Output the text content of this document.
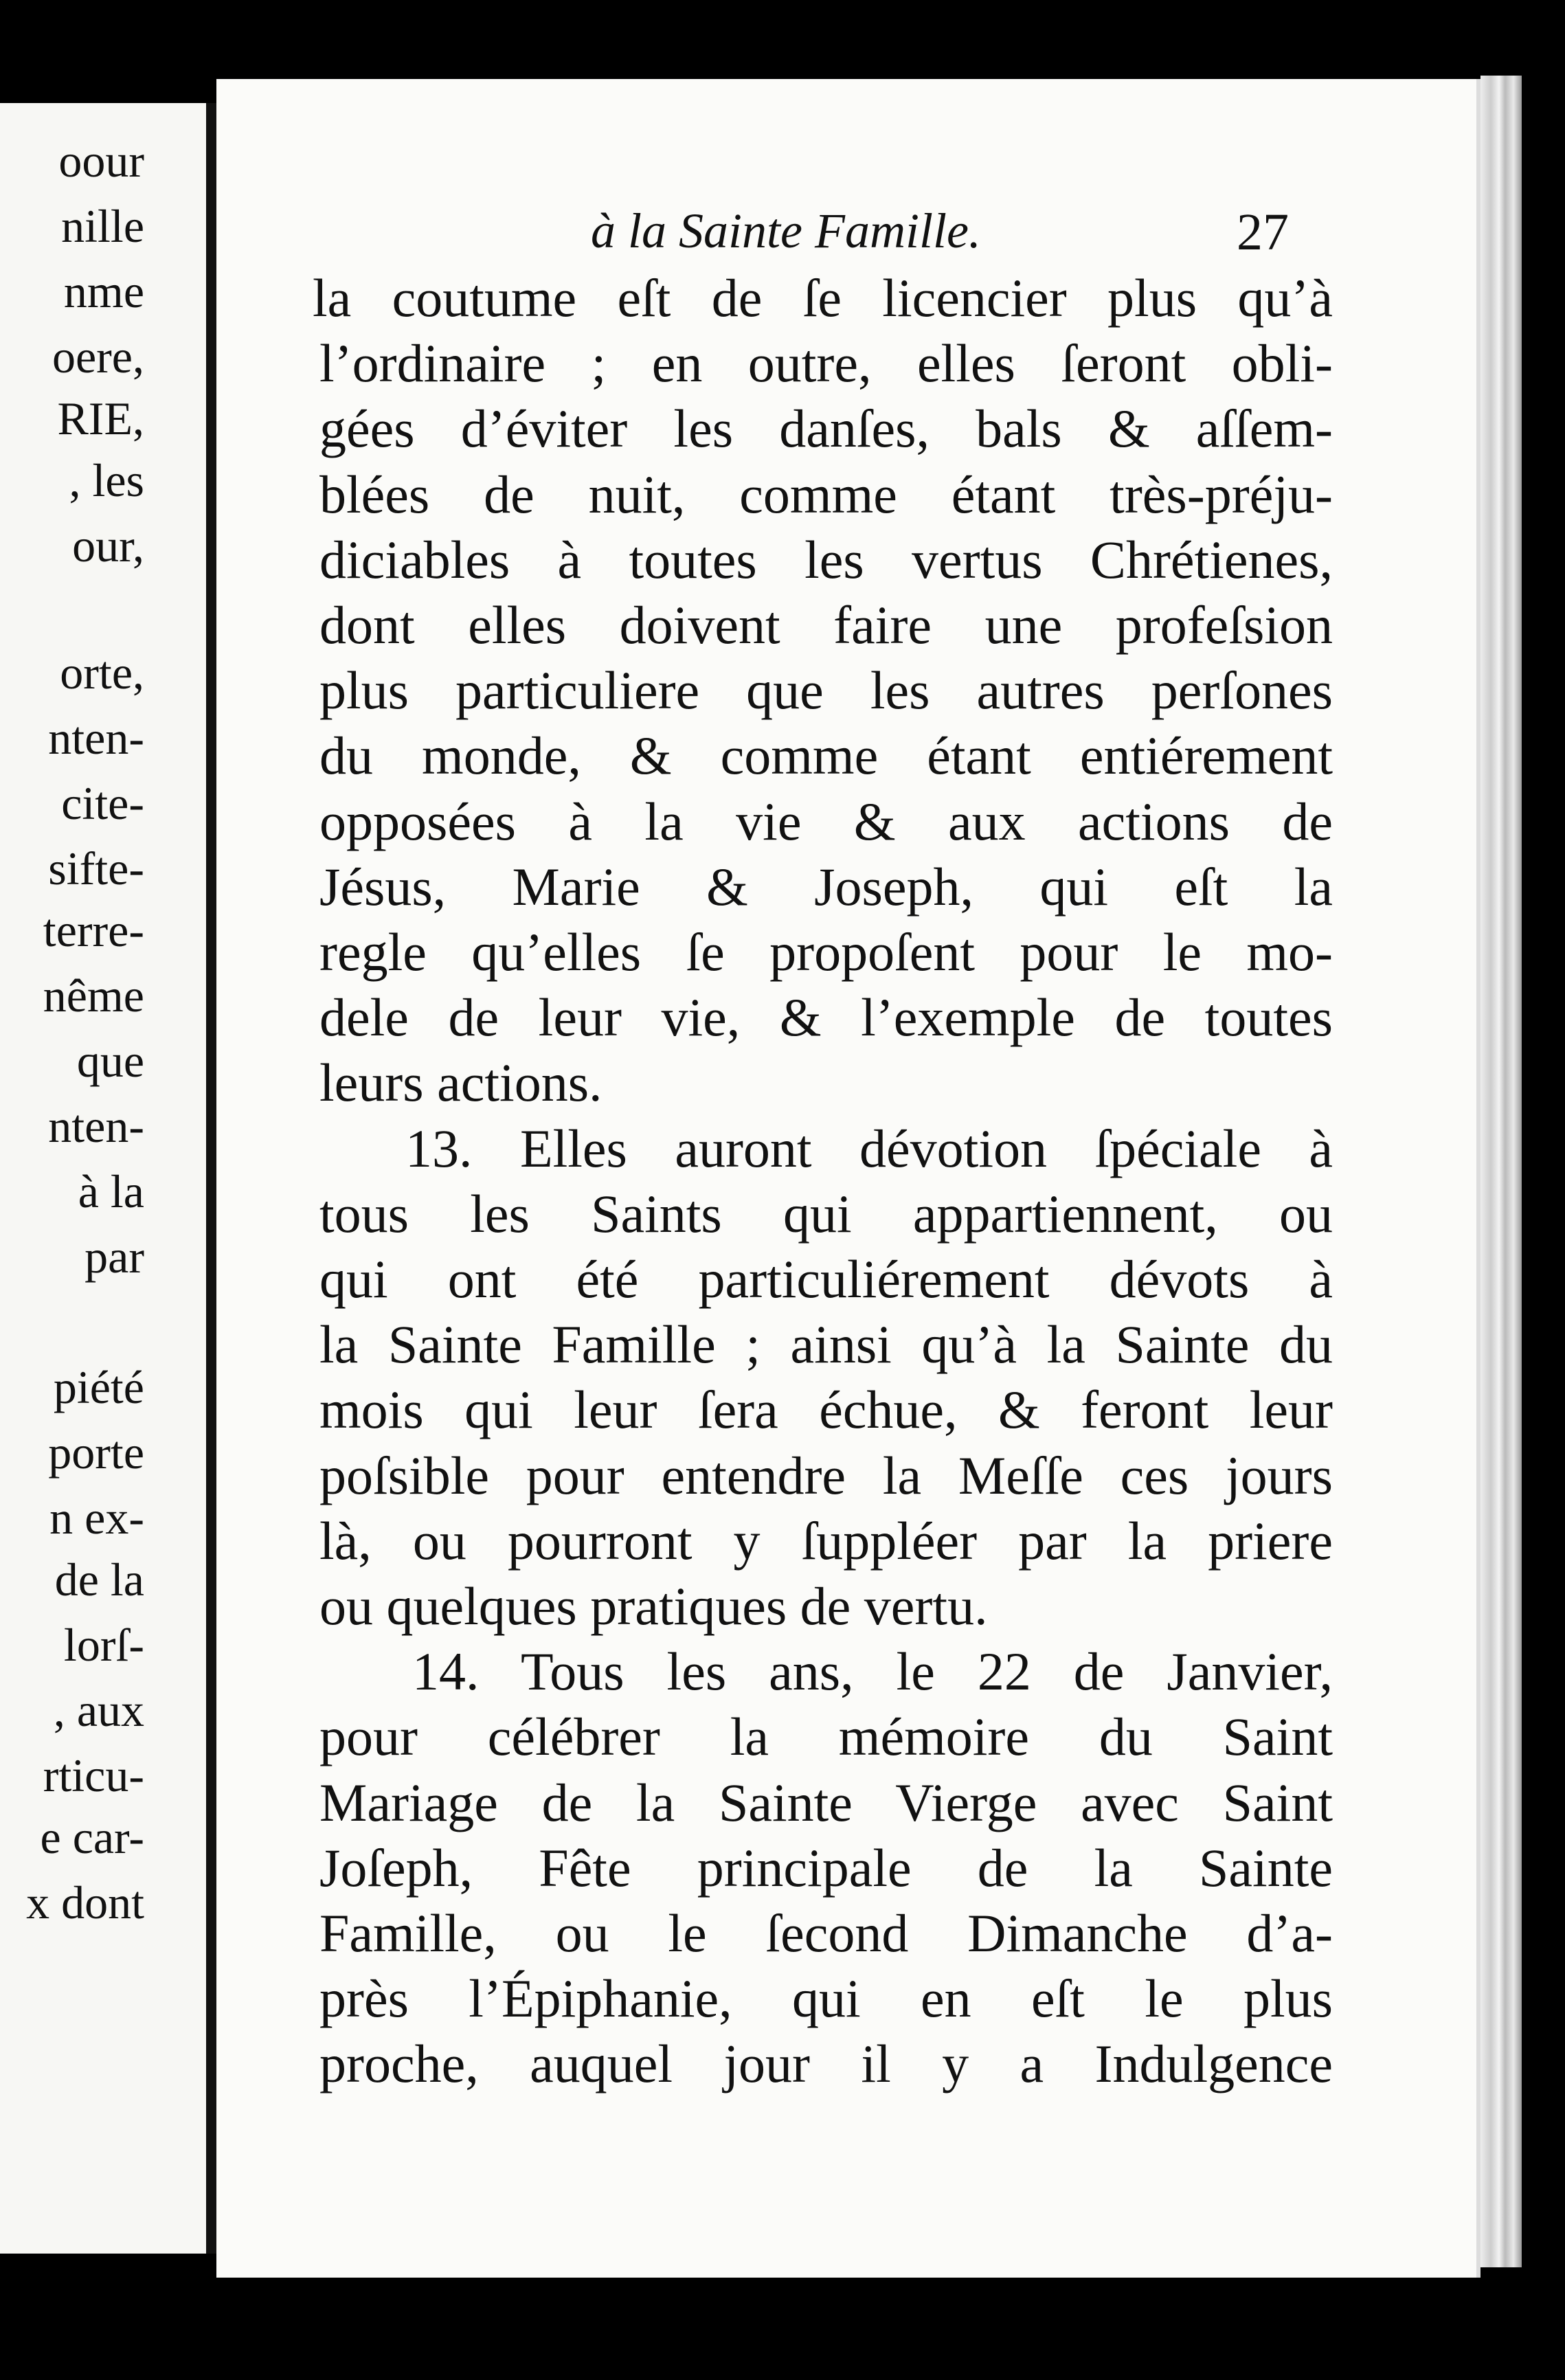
oour
nille
nme
oere,
RIE,
, les
our,
orte,
nten-
cite-
sifte-
terre-
nême
que
nten-
à la
par
piété
porte
n ex-
de la
lorſ-
, aux
rticu-
e car-
x dont
à la Sainte Famille.	27
la coutume eſt de ſe licencier plus qu’à
l’ordinaire ; en outre, elles ſeront obli-
gées d’éviter les danſes, bals & aſſem-
blées de nuit, comme étant très-préju-
diciables à toutes les vertus Chrétienes,
dont elles doivent faire une profeſsion
plus particuliere que les autres perſones
du monde, & comme étant entiérement
opposées à la vie & aux actions de
Jésus, Marie & Joseph, qui eſt la
regle qu’elles ſe propoſent pour le mo-
dele de leur vie, & l’exemple de toutes
leurs actions.
13. Elles auront dévotion ſpéciale à
tous les Saints qui appartiennent, ou
qui ont été particuliérement dévots à
la Sainte Famille ; ainsi qu’à la Sainte du
mois qui leur ſera échue, & feront leur
poſsible pour entendre la Meſſe ces jours
là, ou pourront y ſuppléer par la priere
ou quelques pratiques de vertu.
14. Tous les ans, le 22 de Janvier,
pour célébrer la mémoire du Saint
Mariage de la Sainte Vierge avec Saint
Joſeph, Fête principale de la Sainte
Famille, ou le ſecond Dimanche d’a-
près l’Épiphanie, qui en eſt le plus
proche, auquel jour il y a Indulgence
